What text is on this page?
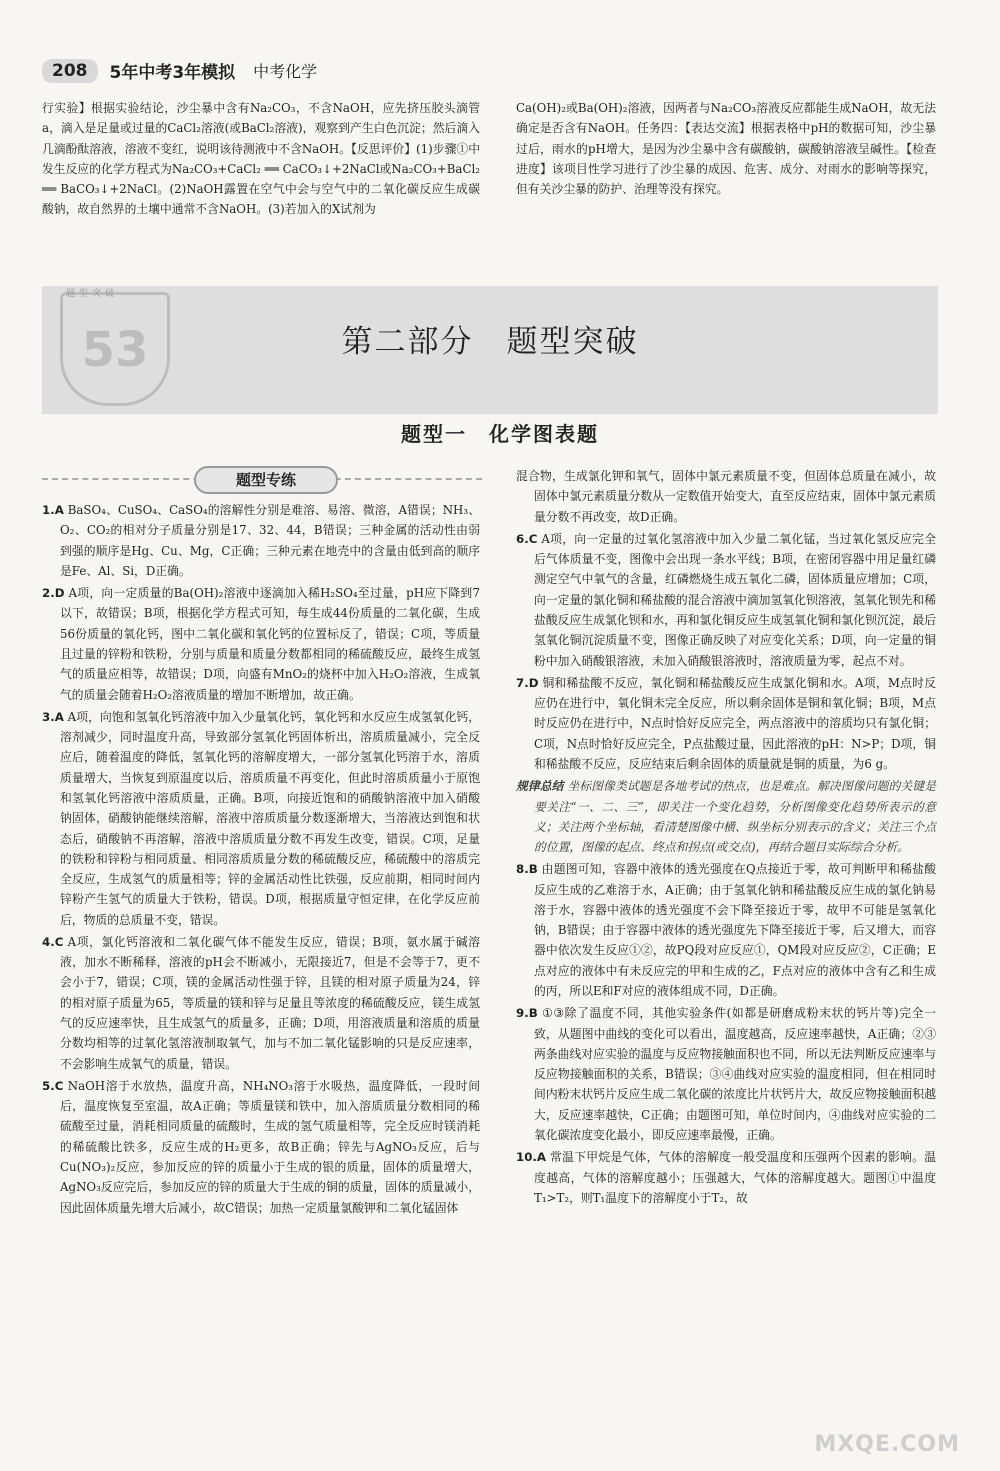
208	5年中考3年模拟 中考化学

行实验】根据实验结论，沙尘暴中含有Na₂CO₃，不含NaOH，应先挤压胶头滴管a，滴入是足量或过量的CaCl₂溶液(或BaCl₂溶液)，观察到产生白色沉淀；然后滴入几滴酚酞溶液，溶液不变红，说明该待测液中不含NaOH。【反思评价】(1)步骤①中发生反应的化学方程式为Na₂CO₃+CaCl₂ ══ CaCO₃↓+2NaCl或Na₂CO₃+BaCl₂ ══ BaCO₃↓+2NaCl。(2)NaOH露置在空气中会与空气中的二氧化碳反应生成碳酸钠，故自然界的土壤中通常不含NaOH。(3)若加入的X试剂为

Ca(OH)₂或Ba(OH)₂溶液，因两者与Na₂CO₃溶液反应都能生成NaOH，故无法确定是否含有NaOH。任务四：【表达交流】根据表格中pH的数据可知，沙尘暴过后，雨水的pH增大，是因为沙尘暴中含有碳酸钠，碳酸钠溶液呈碱性。【检查进度】该项目性学习进行了沙尘暴的成因、危害、成分、对雨水的影响等探究，但有关沙尘暴的防护、治理等没有探究。

53
题型突破
第二部分　题型突破
题型一　化学图表题
题型专练

1.A BaSO₄、CuSO₄、CaSO₄的溶解性分别是难溶、易溶、微溶，A错误；NH₃、O₂、CO₂的相对分子质量分别是17、32、44，B错误；三种金属的活动性由弱到强的顺序是Hg、Cu、Mg，C正确；三种元素在地壳中的含量由低到高的顺序是Fe、Al、Si，D正确。

2.D A项，向一定质量的Ba(OH)₂溶液中逐滴加入稀H₂SO₄至过量，pH应下降到7以下，故错误；B项，根据化学方程式可知，每生成44份质量的二氧化碳，生成56份质量的氧化钙，图中二氧化碳和氧化钙的位置标反了，错误；C项，等质量且过量的锌粉和铁粉，分别与质量和质量分数都相同的稀硫酸反应，最终生成氢气的质量应相等，故错误；D项，向盛有MnO₂的烧杯中加入H₂O₂溶液，生成氧气的质量会随着H₂O₂溶液质量的增加不断增加，故正确。

3.A A项，向饱和氢氧化钙溶液中加入少量氧化钙，氧化钙和水反应生成氢氧化钙，溶剂减少，同时温度升高，导致部分氢氧化钙固体析出，溶质质量减小，完全反应后，随着温度的降低，氢氧化钙的溶解度增大，一部分氢氧化钙溶于水，溶质质量增大，当恢复到原温度以后，溶质质量不再变化，但此时溶质质量小于原饱和氢氧化钙溶液中溶质质量，正确。B项，向接近饱和的硝酸钠溶液中加入硝酸钠固体，硝酸钠能继续溶解，溶液中溶质质量分数逐渐增大，当溶液达到饱和状态后，硝酸钠不再溶解，溶液中溶质质量分数不再发生改变，错误。C项，足量的铁粉和锌粉与相同质量、相同溶质质量分数的稀硫酸反应，稀硫酸中的溶质完全反应，生成氢气的质量相等；锌的金属活动性比铁强，反应前期，相同时间内锌粉产生氢气的质量大于铁粉，错误。D项，根据质量守恒定律，在化学反应前后，物质的总质量不变，错误。

4.C A项，氯化钙溶液和二氧化碳气体不能发生反应，错误；B项，氨水属于碱溶液，加水不断稀释，溶液的pH会不断减小，无限接近7，但是不会等于7，更不会小于7，错误；C项，镁的金属活动性强于锌，且镁的相对原子质量为24，锌的相对原子质量为65，等质量的镁和锌与足量且等浓度的稀硫酸反应，镁生成氢气的反应速率快，且生成氢气的质量多，正确；D项，用溶液质量和溶质的质量分数均相等的过氧化氢溶液制取氧气，加与不加二氧化锰影响的只是反应速率，不会影响生成氧气的质量，错误。

5.C NaOH溶于水放热，温度升高，NH₄NO₃溶于水吸热，温度降低，一段时间后，温度恢复至室温，故A正确；等质量镁和铁中，加入溶质质量分数相同的稀硫酸至过量，消耗相同质量的硫酸时，生成的氢气质量相等，完全反应时镁消耗的稀硫酸比铁多，反应生成的H₂更多，故B正确；锌先与AgNO₃反应，后与Cu(NO₃)₂反应，参加反应的锌的质量小于生成的银的质量，固体的质量增大，AgNO₃反应完后，参加反应的锌的质量大于生成的铜的质量，固体的质量减小，因此固体质量先增大后减小，故C错误；加热一定质量氯酸钾和二氧化锰固体

混合物，生成氯化钾和氧气，固体中氯元素质量不变，但固体总质量在减小，故固体中氯元素质量分数从一定数值开始变大，直至反应结束，固体中氯元素质量分数不再改变，故D正确。

6.C A项，向一定量的过氧化氢溶液中加入少量二氧化锰，当过氧化氢反应完全后气体质量不变，图像中会出现一条水平线；B项，在密闭容器中用足量红磷测定空气中氧气的含量，红磷燃烧生成五氧化二磷，固体质量应增加；C项，向一定量的氯化铜和稀盐酸的混合溶液中滴加氢氧化钡溶液，氢氧化钡先和稀盐酸反应生成氯化钡和水，再和氯化铜反应生成氢氧化铜和氯化钡沉淀，最后氢氧化铜沉淀质量不变，图像正确反映了对应变化关系；D项，向一定量的铜粉中加入硝酸银溶液，未加入硝酸银溶液时，溶液质量为零，起点不对。

7.D 铜和稀盐酸不反应，氧化铜和稀盐酸反应生成氯化铜和水。A项，M点时反应仍在进行中，氧化铜未完全反应，所以剩余固体是铜和氧化铜；B项，M点时反应仍在进行中，N点时恰好反应完全，两点溶液中的溶质均只有氯化铜；C项，N点时恰好反应完全，P点盐酸过量，因此溶液的pH：N>P；D项，铜和稀盐酸不反应，反应结束后剩余固体的质量就是铜的质量，为6 g。

规律总结 坐标图像类试题是各地考试的热点，也是难点。解决图像问题的关键是要关注“一、二、三”，即关注一个变化趋势，分析图像变化趋势所表示的意义；关注两个坐标轴，看清楚图像中横、纵坐标分别表示的含义；关注三个点的位置，图像的起点、终点和拐点(或交点)，再结合题目实际综合分析。

8.B 由题图可知，容器中液体的透光强度在Q点接近于零，故可判断甲和稀盐酸反应生成的乙难溶于水，A正确；由于氢氧化钠和稀盐酸反应生成的氯化钠易溶于水，容器中液体的透光强度不会下降至接近于零，故甲不可能是氢氧化钠，B错误；由于容器中液体的透光强度先下降至接近于零，后又增大，而容器中依次发生反应①②，故PQ段对应反应①，QM段对应反应②，C正确；E点对应的液体中有未反应完的甲和生成的乙，F点对应的液体中含有乙和生成的丙，所以E和F对应的液体组成不同，D正确。

9.B ①③除了温度不同，其他实验条件(如都是研磨成粉末状的钙片等)完全一致，从题图中曲线的变化可以看出，温度越高，反应速率越快，A正确；②③两条曲线对应实验的温度与反应物接触面积也不同，所以无法判断反应速率与反应物接触面积的关系，B错误；③④曲线对应实验的温度相同，但在相同时间内粉末状钙片反应生成二氧化碳的浓度比片状钙片大，故反应物接触面积越大，反应速率越快，C正确；由题图可知，单位时间内，④曲线对应实验的二氧化碳浓度变化最小，即反应速率最慢，正确。

10.A 常温下甲烷是气体，气体的溶解度一般受温度和压强两个因素的影响。温度越高，气体的溶解度越小；压强越大，气体的溶解度越大。题图①中温度T₁>T₂，则T₁温度下的溶解度小于T₂，故

MXQE.COM
